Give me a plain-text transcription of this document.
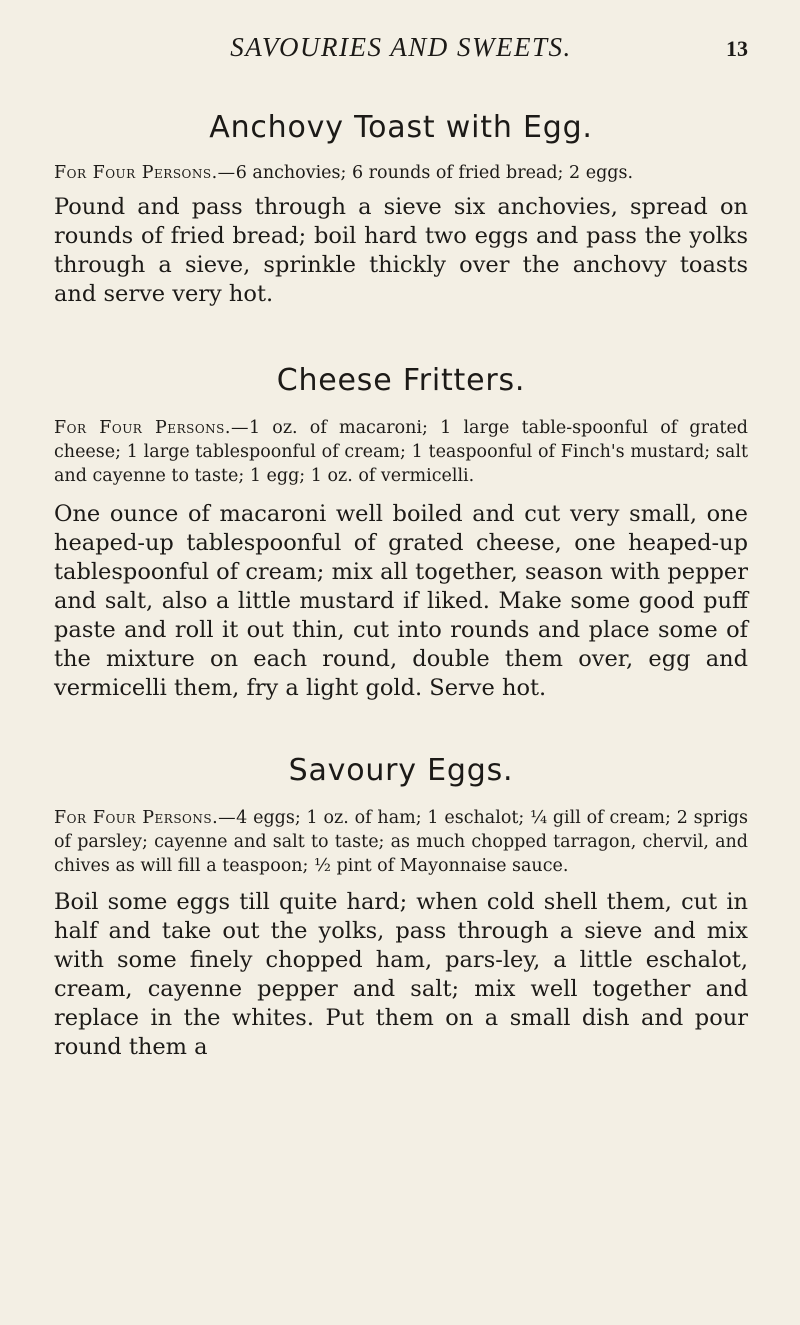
SAVOURIES AND SWEETS.	13
Anchovy Toast with Egg.

For Four Persons.—6 anchovies; 6 rounds of fried bread; 2 eggs.

Pound and pass through a sieve six anchovies, spread on rounds of fried bread; boil hard two eggs and pass the yolks through a sieve, sprinkle thickly over the anchovy toasts and serve very hot.

Cheese Fritters.

For Four Persons.—1 oz. of macaroni; 1 large table-spoonful of grated cheese; 1 large tablespoonful of cream; 1 teaspoonful of Finch's mustard; salt and cayenne to taste; 1 egg; 1 oz. of vermicelli.

One ounce of macaroni well boiled and cut very small, one heaped-up tablespoonful of grated cheese, one heaped-up tablespoonful of cream; mix all together, season with pepper and salt, also a little mustard if liked. Make some good puff paste and roll it out thin, cut into rounds and place some of the mixture on each round, double them over, egg and vermicelli them, fry a light gold. Serve hot.

Savoury Eggs.

For Four Persons.—4 eggs; 1 oz. of ham; 1 eschalot; ¼ gill of cream; 2 sprigs of parsley; cayenne and salt to taste; as much chopped tarragon, chervil, and chives as will fill a teaspoon; ½ pint of Mayonnaise sauce.

Boil some eggs till quite hard; when cold shell them, cut in half and take out the yolks, pass through a sieve and mix with some finely chopped ham, pars-ley, a little eschalot, cream, cayenne pepper and salt; mix well together and replace in the whites. Put them on a small dish and pour round them a
